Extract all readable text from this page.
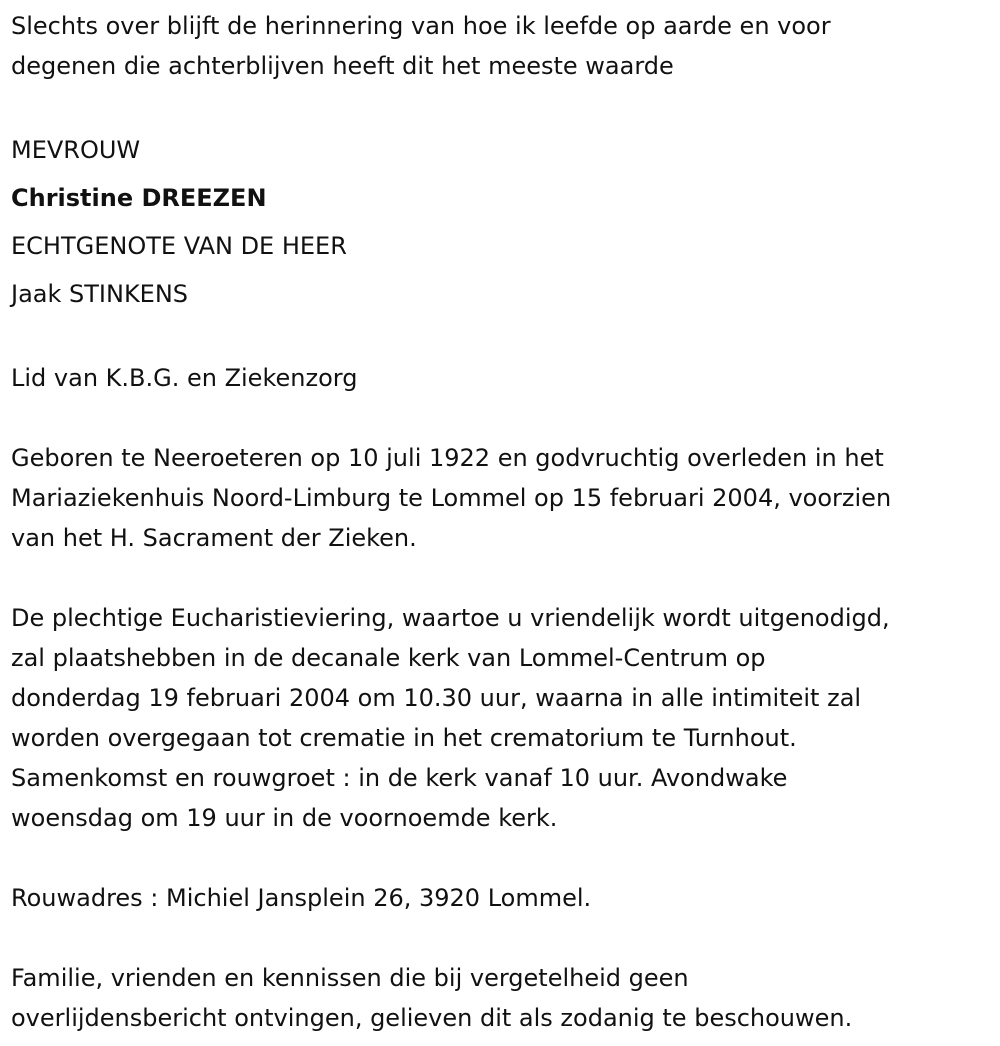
Slechts over blijft de herinnering van hoe ik leefde op aarde en voor
degenen die achterblijven heeft dit het meeste waarde
MEVROUW
Christine DREEZEN
ECHTGENOTE VAN DE HEER
Jaak STINKENS
Lid van K.B.G. en Ziekenzorg
Geboren te Neeroeteren op 10 juli 1922 en godvruchtig overleden in het
Mariaziekenhuis Noord-Limburg te Lommel op 15 februari 2004, voorzien
van het H. Sacrament der Zieken.
De plechtige Eucharistieviering, waartoe u vriendelijk wordt uitgenodigd,
zal plaatshebben in de decanale kerk van Lommel-Centrum op
donderdag 19 februari 2004 om 10.30 uur, waarna in alle intimiteit zal
worden overgegaan tot crematie in het crematorium te Turnhout.
Samenkomst en rouwgroet : in de kerk vanaf 10 uur. Avondwake
woensdag om 19 uur in de voornoemde kerk.
Rouwadres : Michiel Jansplein 26, 3920 Lommel.
Familie, vrienden en kennissen die bij vergetelheid geen
overlijdensbericht ontvingen, gelieven dit als zodanig te beschouwen.
